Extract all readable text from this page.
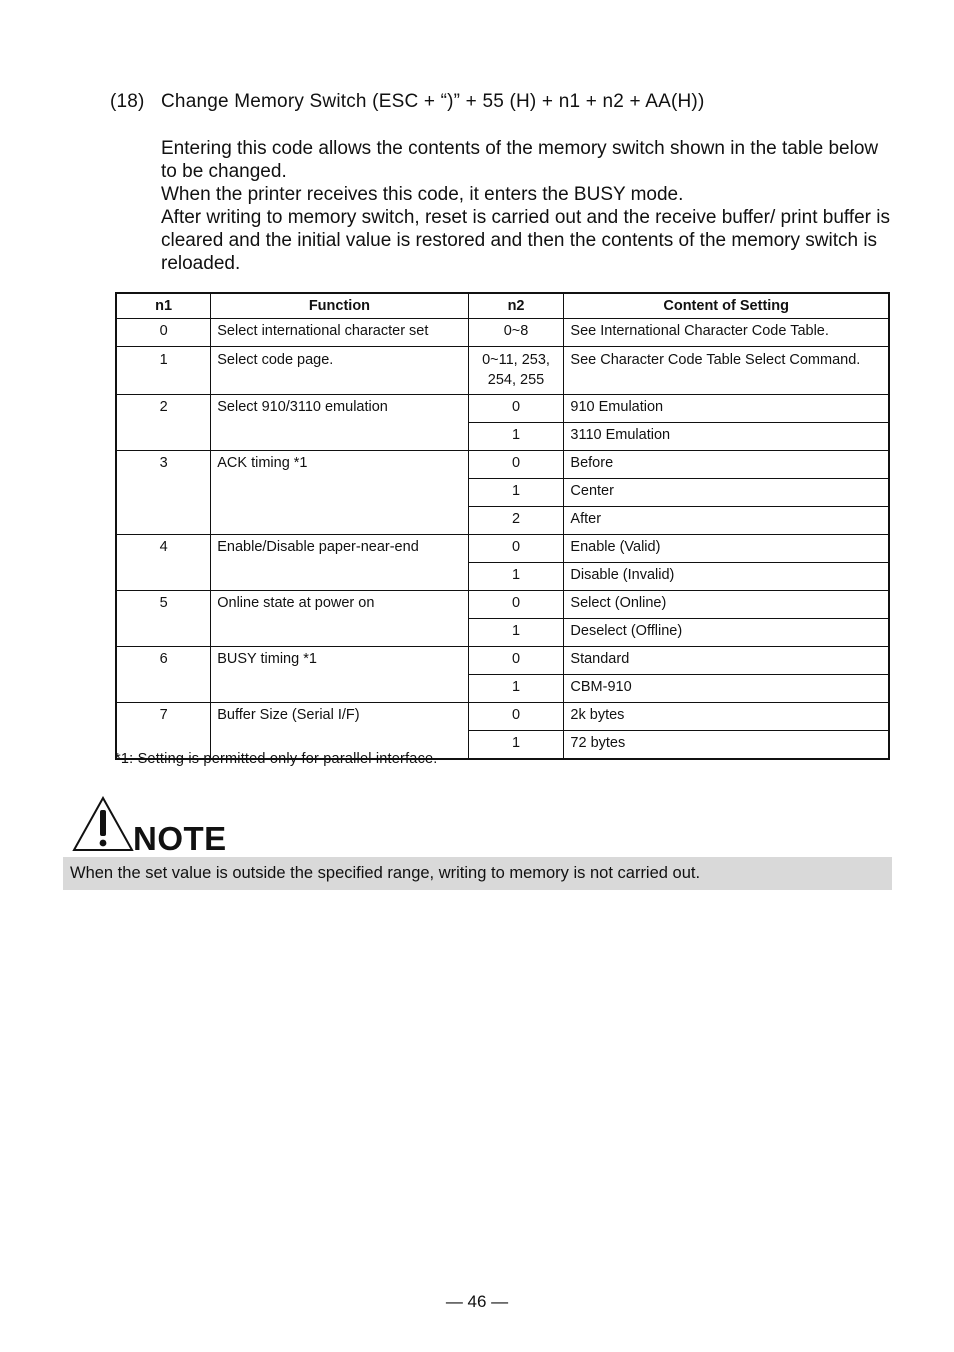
(18) Change Memory Switch (ESC + “)” + 55 (H) + n1 + n2 + AA(H))

Entering this code allows the contents of the memory switch shown in the table below to be changed.

When the printer receives this code, it enters the BUSY mode.

After writing to memory switch, reset is carried out and the receive buffer/ print buffer is cleared and the initial value is restored and then the contents of the memory switch is reloaded.

n1	Function	n2	Content of Setting
0	Select international character set	0~8	See International Character Code Table.
1	Select code page.	0~11, 253, 254, 255	See Character Code Table Select Command.
2	Select 910/3110 emulation	0	910 Emulation
		1	3110 Emulation
3	ACK timing *1	0	Before
		1	Center
		2	After
4	Enable/Disable paper-near-end	0	Enable (Valid)
		1	Disable (Invalid)
5	Online state at power on	0	Select (Online)
		1	Deselect (Offline)
6	BUSY timing *1	0	Standard
		1	CBM-910
7	Buffer Size (Serial I/F)	0	2k bytes
		1	72 bytes
*1: Setting is permitted only for parallel interface.
NOTE
When the set value is outside the specified range, writing to memory is not carried out.
— 46 —
